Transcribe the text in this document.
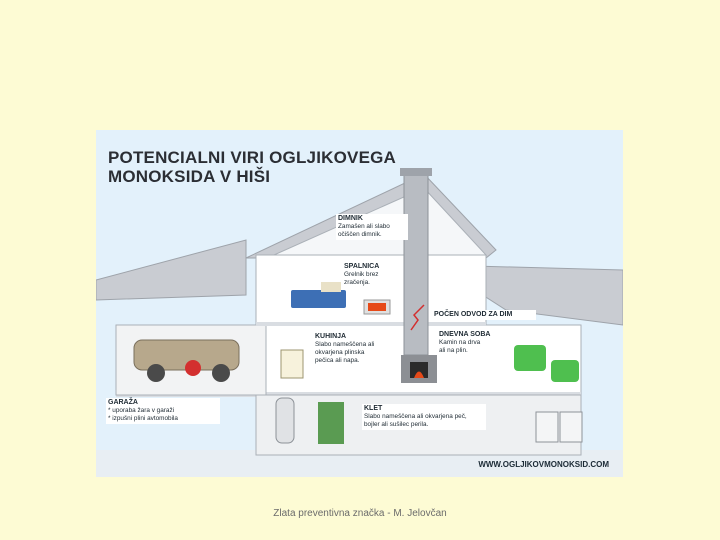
POTENCIALNI VIRI OGLJIKOVEGA
MONOKSIDA V HIŠI
DIMNIK
Zamašen ali slabo
očiščen dimnik.
SPALNICA
Grelnik brez
zračenja.
POČEN ODVOD ZA DIM
KUHINJA
Slabo nameščena ali
okvarjena plinska
pečica ali napa.
DNEVNA SOBA
Kamin na drva
ali na plin.
GARAŽA
* uporaba žara v garaži
* izpušni plini avtomobila
KLET
Slabo nameščena ali okvarjena peč,
bojler ali sušilec perila.
WWW.OGLJIKOVMONOKSID.COM
Zlata preventivna značka - M. Jelovčan
